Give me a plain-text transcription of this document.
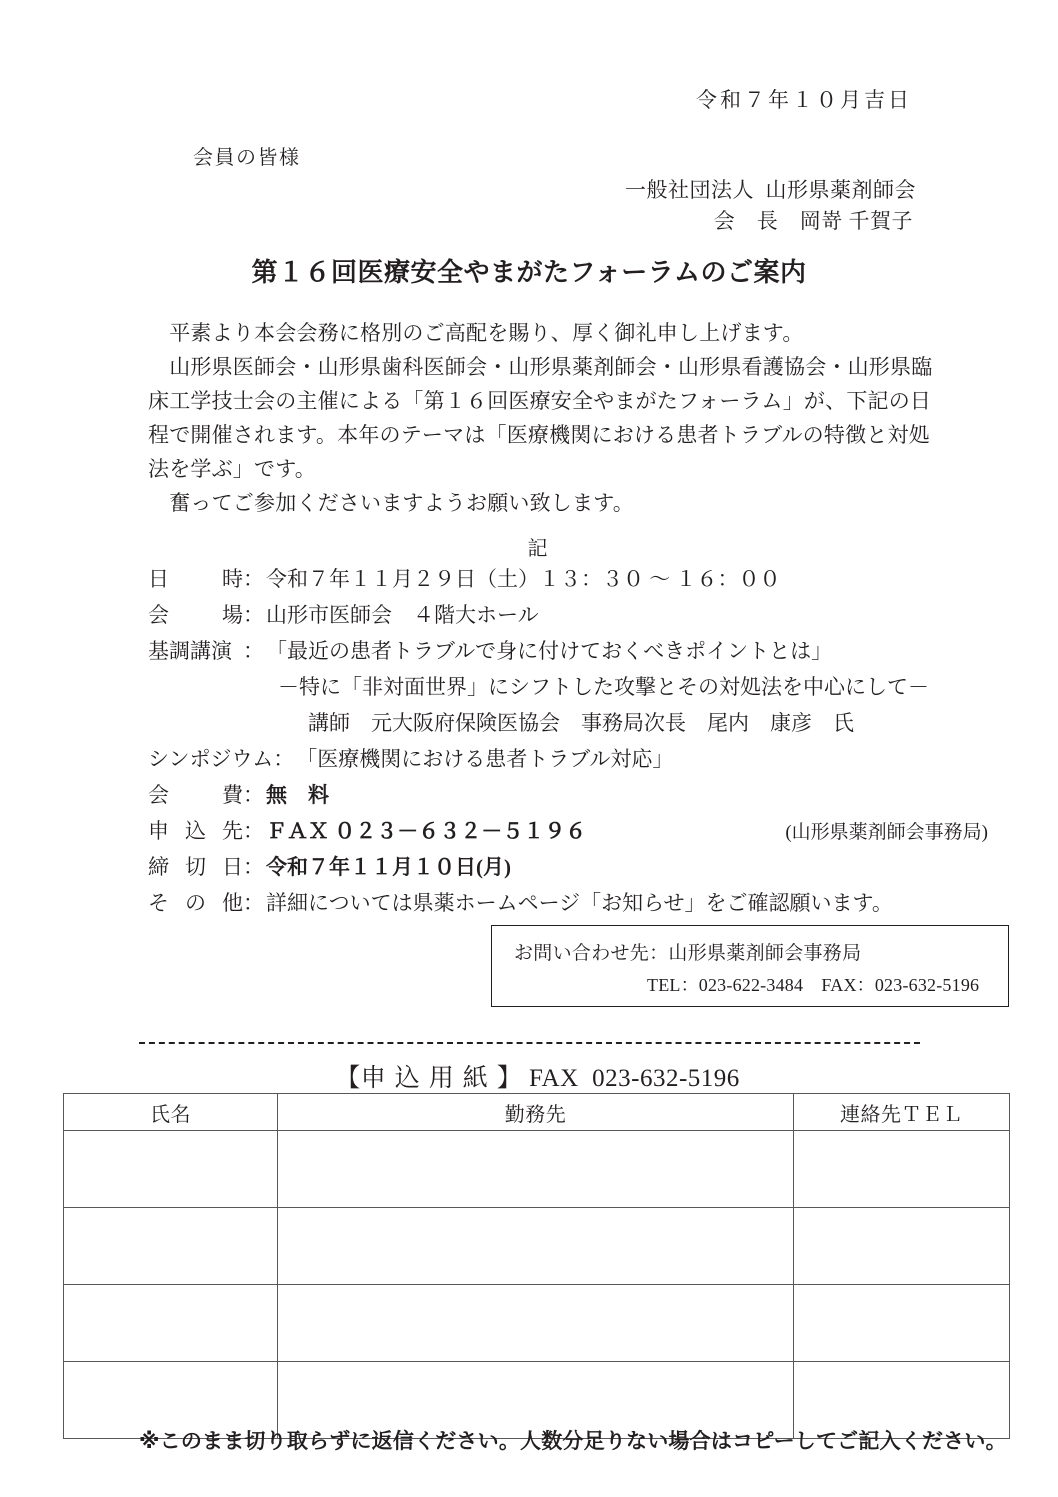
令和７年１０月吉日
会員の皆様
一般社団法人  山形県薬剤師会
会　長　岡嵜 千賀子
第１６回医療安全やまがたフォーラムのご案内

　平素より本会会務に格別のご高配を賜り、厚く御礼申し上げます。

　山形県医師会・山形県歯科医師会・山形県薬剤師会・山形県看護協会・山形県臨床工学技士会の主催による「第１６回医療安全やまがたフォーラム」が、下記の日程で開催されます。本年のテーマは「医療機関における患者トラブルの特徴と対処法を学ぶ」です。

　奮ってご参加くださいますようお願い致します。

記
日	時 ： 令和７年１１月２９日（土）１３：３０ ～ １６：００
会	場 ： 山形市医師会　４階大ホール
基調講演 ： 「最近の患者トラブルで身に付けておくべきポイントとは」
－特に「非対面世界」にシフトした攻撃とその対処法を中心にして－
講師　元大阪府保険医協会　事務局次長　尾内　康彦　氏
シンポジウム ： 「医療機関における患者トラブル対応」
会	費 ： 無　料
申 込 先 ： ＦＡＸ ０２３－６３２－５１９６	(山形県薬剤師会事務局)
締 切 日 ： 令和７年１１月１０日(月)
そ の 他 ： 詳細については県薬ホームページ「お知らせ」をご確認願います。
お問い合わせ先：山形県薬剤師会事務局
TEL：023-622-3484　FAX：023-632-5196
【申込用紙】 FAX  023-632-5196
氏名	勤務先	連絡先ＴＥＬ

※このまま切り取らずに返信ください。人数分足りない場合はコピーしてご記入ください。
